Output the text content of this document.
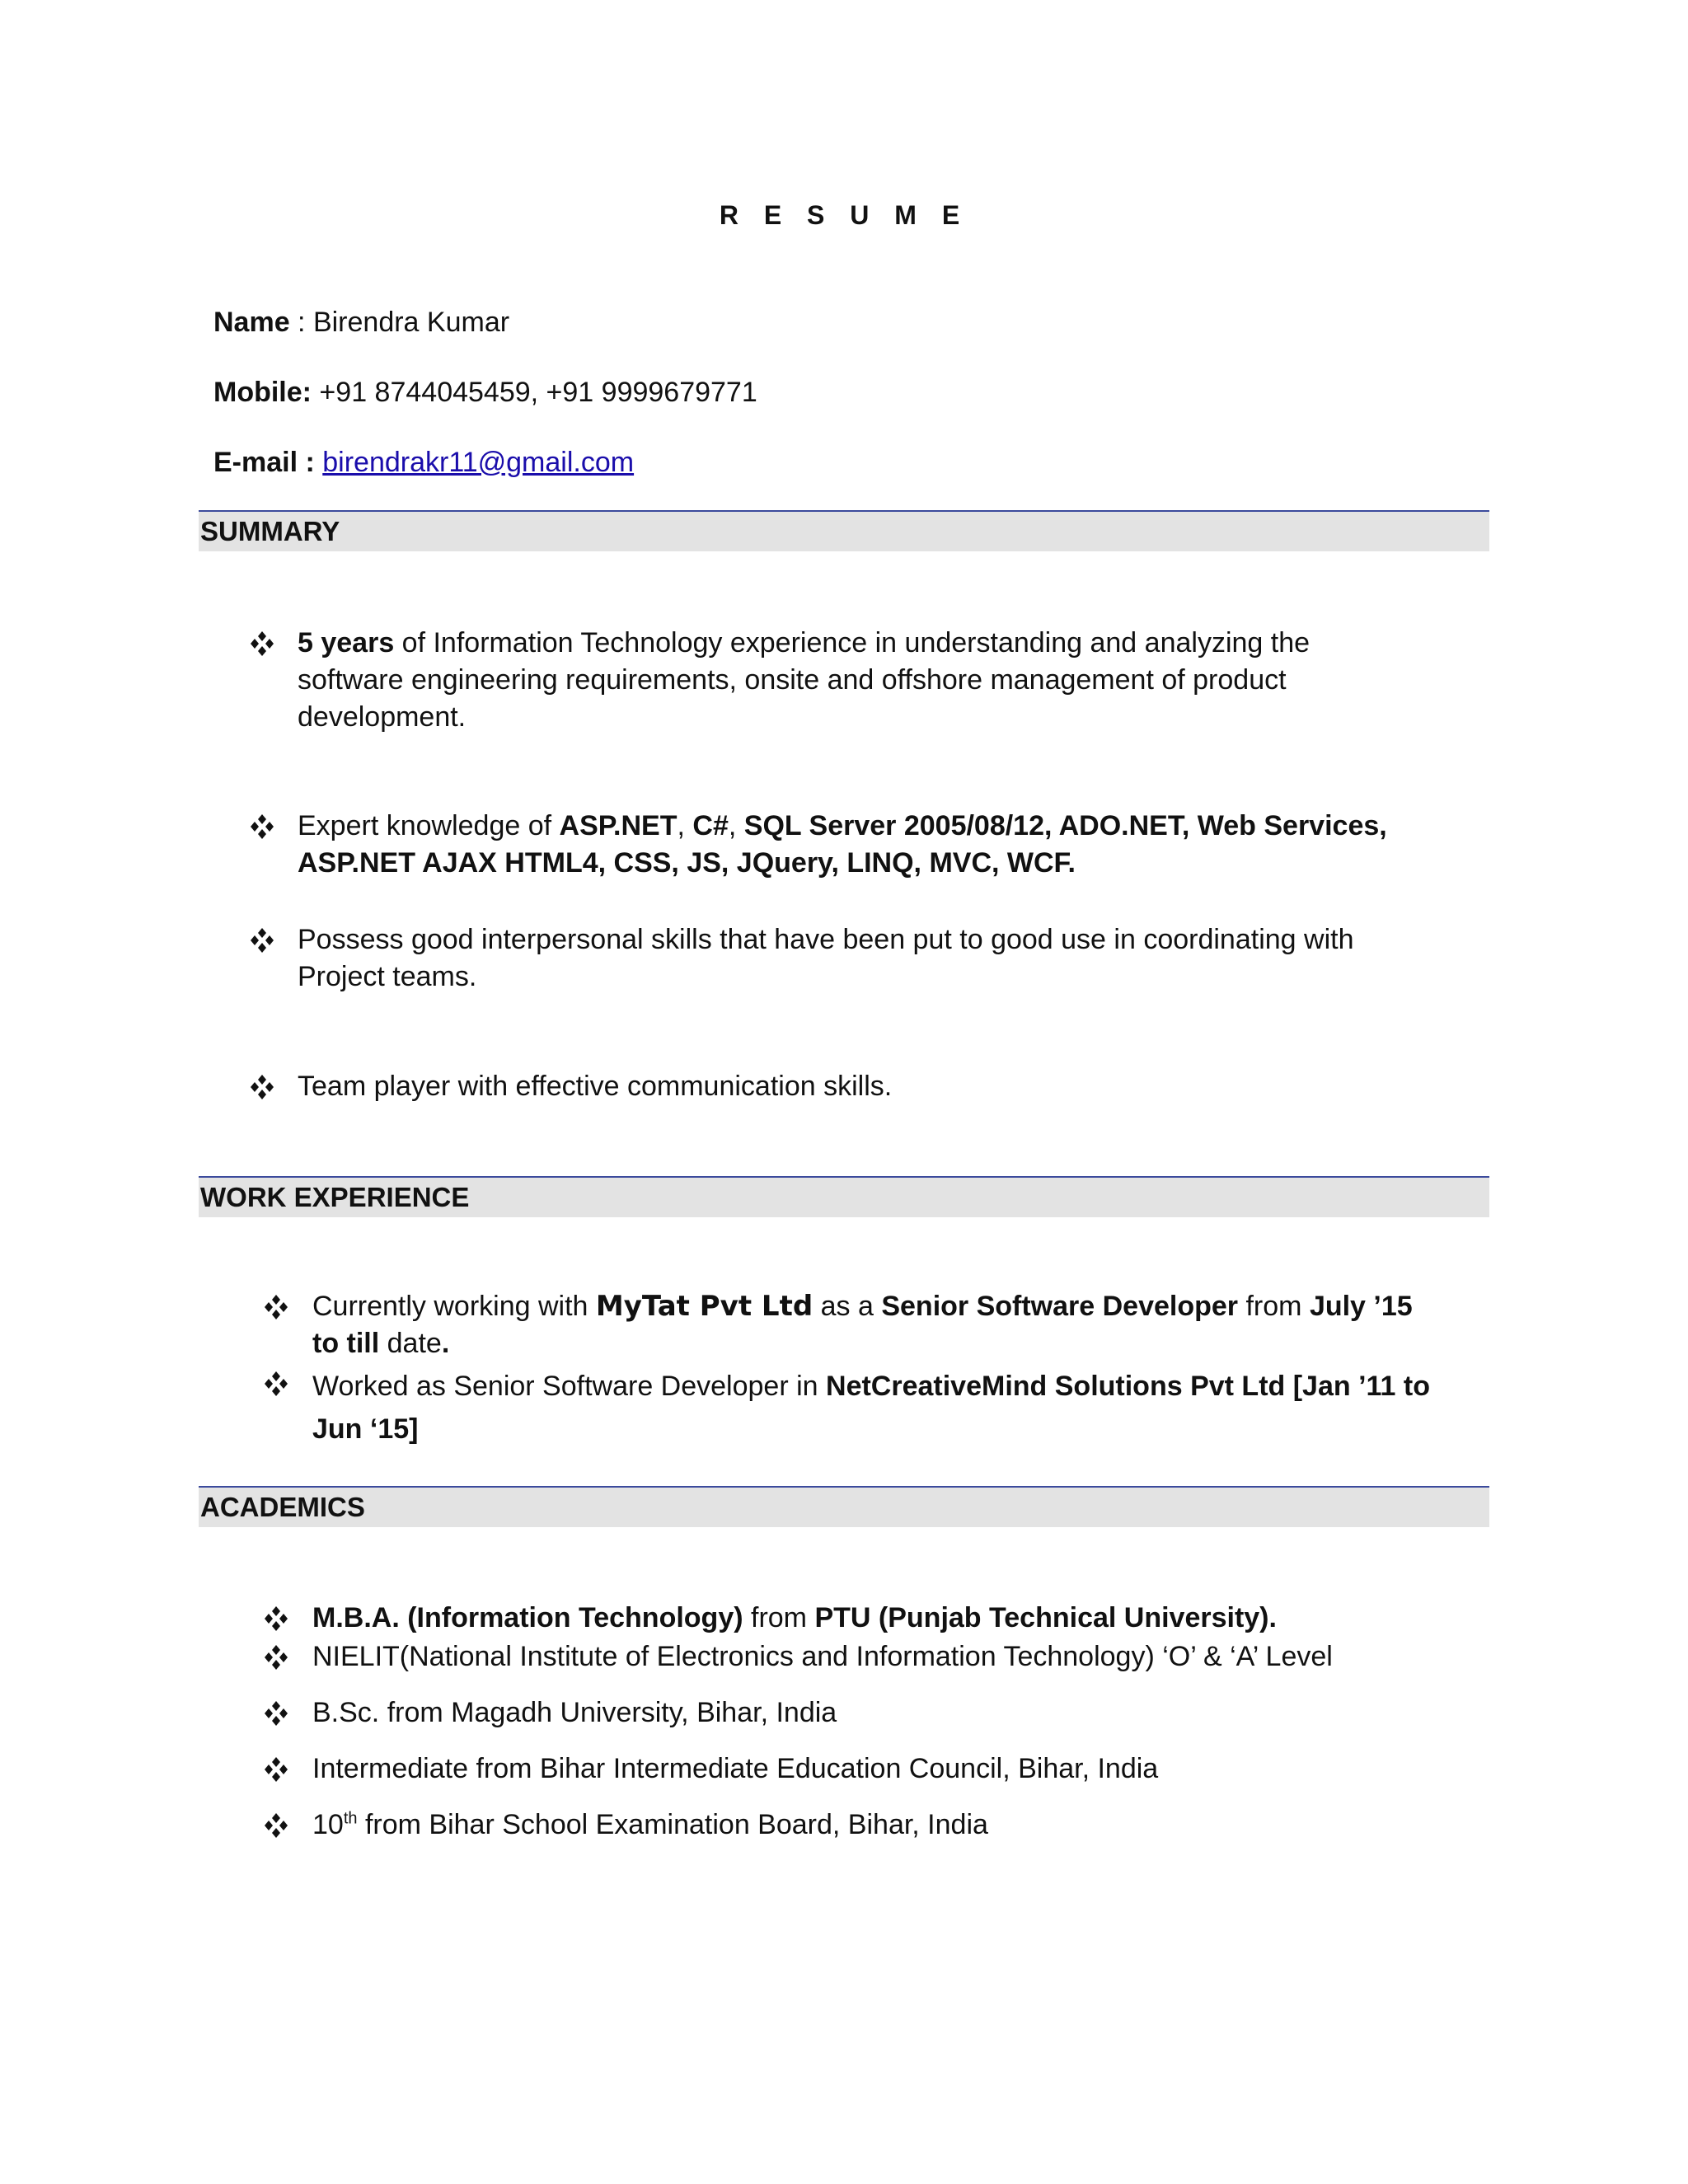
R E S U M E
Name : Birendra Kumar
Mobile: +91 8744045459, +91 9999679771
E-mail : birendrakr11@gmail.com
SUMMARY
5 years of Information Technology experience in understanding and analyzing the
software engineering requirements, onsite and offshore management of product
development.
Expert knowledge of ASP.NET, C#, SQL Server 2005/08/12, ADO.NET, Web Services,
ASP.NET AJAX HTML4, CSS, JS, JQuery, LINQ, MVC, WCF.
Possess good interpersonal skills that have been put to good use in coordinating with
Project teams.
Team player with effective communication skills.
WORK EXPERIENCE
Currently working with MyTat Pvt Ltd as a Senior Software Developer from July ’15
to till date.
Worked as Senior Software Developer in NetCreativeMind Solutions Pvt Ltd [Jan ’11 to
Jun ‘15]
ACADEMICS
M.B.A. (Information Technology) from PTU (Punjab Technical University).
NIELIT(National Institute of Electronics and Information Technology) ‘O’ & ‘A’ Level
B.Sc. from Magadh University, Bihar, India
Intermediate from Bihar Intermediate Education Council, Bihar, India
10th from Bihar School Examination Board, Bihar, India
